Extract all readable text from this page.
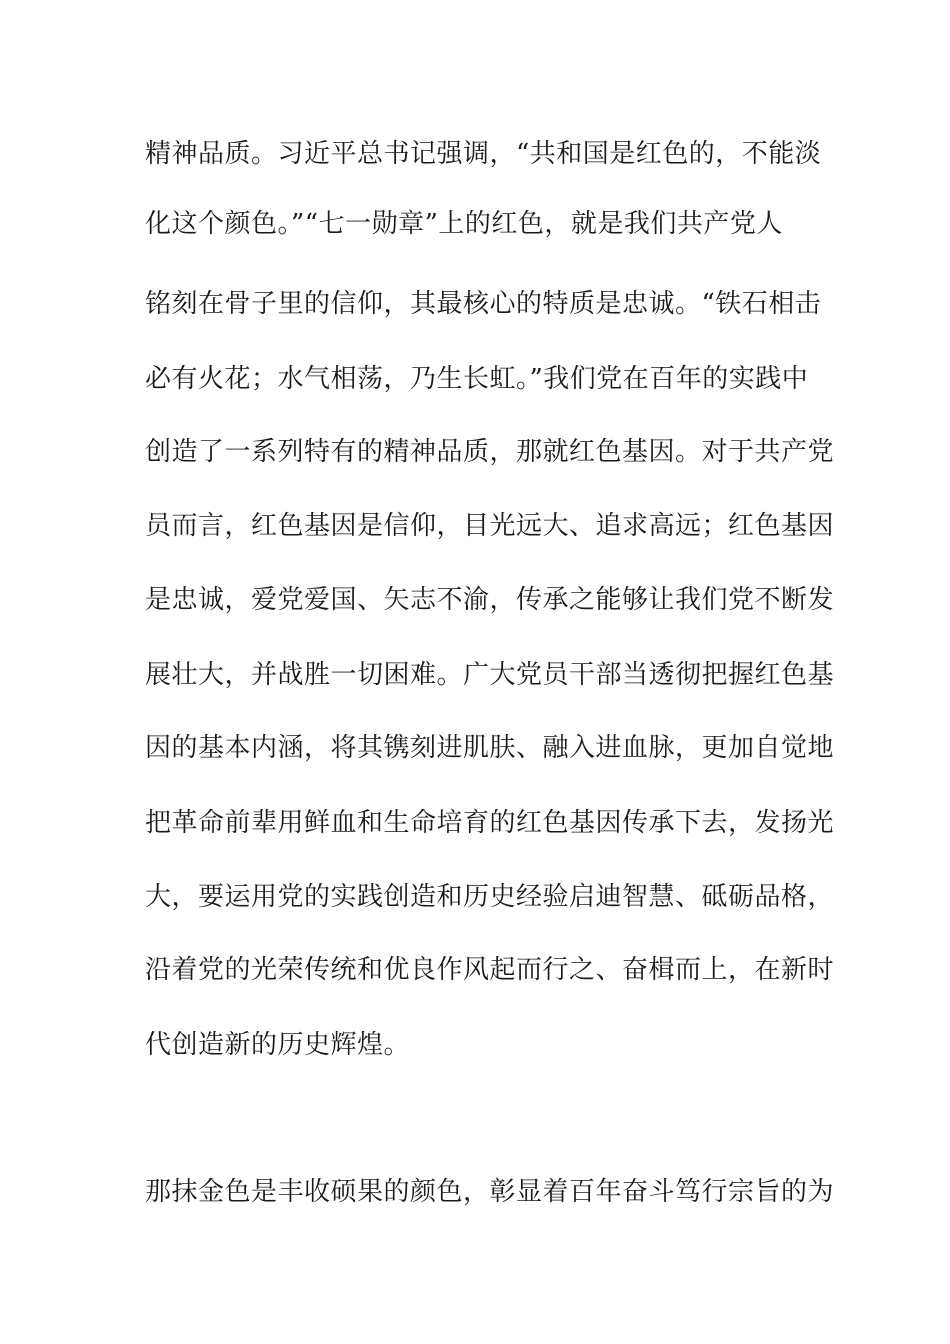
精神品质。习近平总书记强调，“共和国是红色的，不能淡
化这个颜色。”“七一勋章”上的红色，就是我们共产党人
铭刻在骨子里的信仰，其最核心的特质是忠诚。“铁石相击
必有火花；水气相荡，乃生长虹。”我们党在百年的实践中
创造了一系列特有的精神品质，那就红色基因。对于共产党
员而言，红色基因是信仰，目光远大、追求高远；红色基因
是忠诚，爱党爱国、矢志不渝，传承之能够让我们党不断发
展壮大，并战胜一切困难。广大党员干部当透彻把握红色基
因的基本内涵，将其镌刻进肌肤、融入进血脉，更加自觉地
把革命前辈用鲜血和生命培育的红色基因传承下去，发扬光
大，要运用党的实践创造和历史经验启迪智慧、砥砺品格，
沿着党的光荣传统和优良作风起而行之、奋楫而上，在新时
代创造新的历史辉煌。
那抹金色是丰收硕果的颜色，彰显着百年奋斗笃行宗旨的为
